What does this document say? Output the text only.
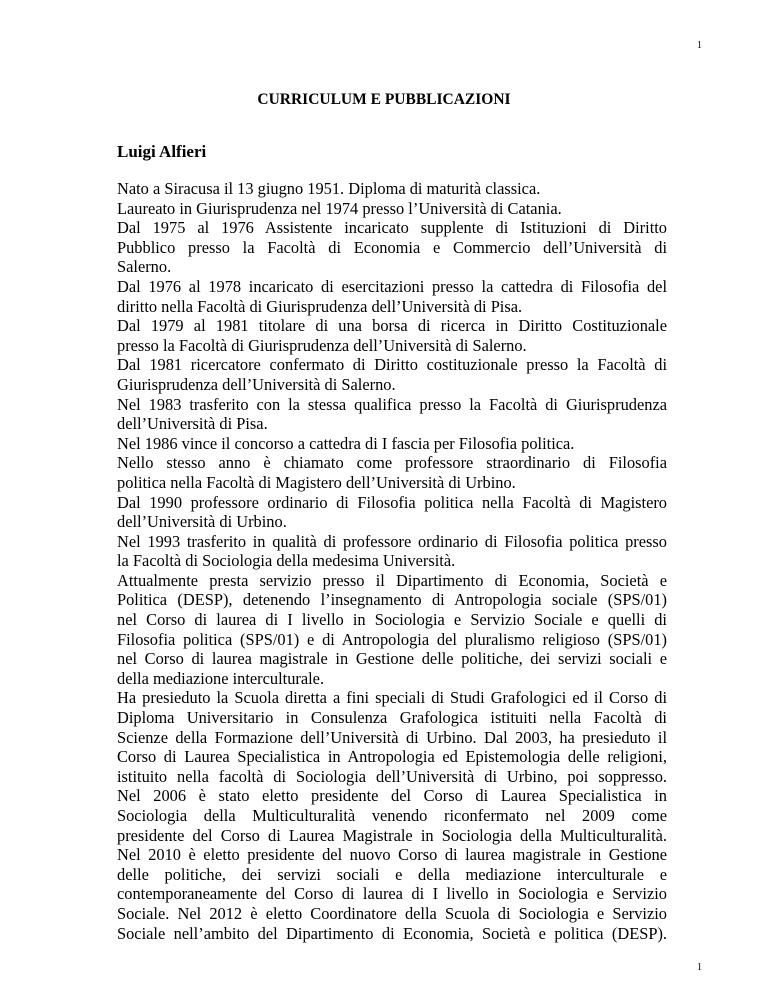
1
CURRICULUM E PUBBLICAZIONI
Luigi Alfieri
Nato a Siracusa il 13 giugno 1951. Diploma di maturità classica.
Laureato in Giurisprudenza nel 1974 presso l’Università di Catania.
Dal 1975 al 1976 Assistente incaricato supplente di Istituzioni di Diritto
Pubblico presso la Facoltà di Economia e Commercio dell’Università di
Salerno.
Dal 1976 al 1978 incaricato di esercitazioni presso la cattedra di Filosofia del
diritto nella Facoltà di Giurisprudenza dell’Università di Pisa.
Dal 1979 al 1981 titolare di una borsa di ricerca in Diritto Costituzionale
presso la Facoltà di Giurisprudenza dell’Università di Salerno.
Dal 1981 ricercatore confermato di Diritto costituzionale presso la Facoltà di
Giurisprudenza dell’Università di Salerno.
Nel 1983 trasferito con la stessa qualifica presso la Facoltà di Giurisprudenza
dell’Università di Pisa.
Nel 1986 vince il concorso a cattedra di I fascia per Filosofia politica.
Nello stesso anno è chiamato come professore straordinario di Filosofia
politica nella Facoltà di Magistero dell’Università di Urbino.
Dal 1990 professore ordinario di Filosofia politica nella Facoltà di Magistero
dell’Università di Urbino.
Nel 1993 trasferito in qualità di professore ordinario di Filosofia politica presso
la Facoltà di Sociologia della medesima Università.
Attualmente presta servizio presso il Dipartimento di Economia, Società e
Politica (DESP), detenendo l’insegnamento di Antropologia sociale (SPS/01)
nel Corso di laurea di I livello in Sociologia e Servizio Sociale e quelli di
Filosofia politica (SPS/01) e di Antropologia del pluralismo religioso (SPS/01)
nel Corso di laurea magistrale in Gestione delle politiche, dei servizi sociali e
della mediazione interculturale.
Ha presieduto la Scuola diretta a fini speciali di Studi Grafologici ed il Corso di
Diploma Universitario in Consulenza Grafologica istituiti nella Facoltà di
Scienze della Formazione dell’Università di Urbino. Dal 2003, ha presieduto il
Corso di Laurea Specialistica in Antropologia ed Epistemologia delle religioni,
istituito nella facoltà di Sociologia dell’Università di Urbino, poi soppresso.
Nel 2006 è stato eletto presidente del Corso di Laurea Specialistica in
Sociologia della Multiculturalità venendo riconfermato nel 2009 come
presidente del Corso di Laurea Magistrale in Sociologia della Multiculturalità.
Nel 2010 è eletto presidente del nuovo Corso di laurea magistrale in Gestione
delle politiche, dei servizi sociali e della mediazione interculturale e
contemporaneamente del Corso di laurea di I livello in Sociologia e Servizio
Sociale. Nel 2012 è eletto Coordinatore della Scuola di Sociologia e Servizio
Sociale nell’ambito del Dipartimento di Economia, Società e politica (DESP).
1
